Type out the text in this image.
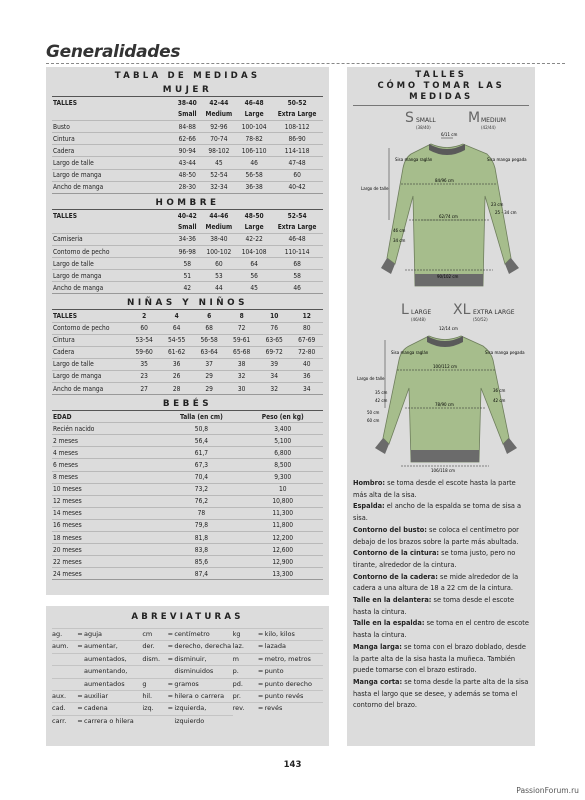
Generalidades
TABLA DE MEDIDAS
MUJER
TALLES	38-40	42-44	46-48	50-52
	Small	Medium	Large	Extra Large
Busto	84-88	92-96	100-104	108-112
Cintura	62-66	70-74	78-82	86-90
Cadera	90-94	98-102	106-110	114-118
Largo de talle	43-44	45	46	47-48
Largo de manga	48-50	52-54	56-58	60
Ancho de manga	28-30	32-34	36-38	40-42
HOMBRE
TALLES	40-42	44-46	48-50	52-54
	Small	Medium	Large	Extra Large
Camiseria	34-36	38-40	42-22	46-48
Contorno de pecho	96-98	100-102	104-108	110-114
Largo de talle	58	60	64	68
Largo de manga	51	53	56	58
Ancho de manga	42	44	45	46
NIÑAS Y NIÑOS
TALLES	2	4	6	8	10	12
Contorno de pecho	60	64	68	72	76	80
Cintura	53-54	54-55	56-58	59-61	63-65	67-69
Cadera	59-60	61-62	63-64	65-68	69-72	72-80
Largo de talle	35	36	37	38	39	40
Largo de manga	23	26	29	32	34	36
Ancho de manga	27	28	29	30	32	34
BEBÉS
EDAD	Talla (en cm)	Peso (en kg)
Recién nacido	50,8	3,400
2 meses	56,4	5,100
4 meses	61,7	6,800
6 meses	67,3	8,500
8 meses	70,4	9,300
10 meses	73,2	10
12 meses	76,2	10,800
14 meses	78	11,300
16 meses	79,8	11,800
18 meses	81,8	12,200
20 meses	83,8	12,600
22 meses	85,6	12,900
24 meses	87,4	13,300
ABREVIATURAS
ag.	= aguja
aum.	= aumentar,
aumentados,
aumentando,
aumentados
aux.	= auxiliar
cad.	= cadena
carr.	= carrera o hilera
cm	= centímetro
der.	= derecho, derecha
dism.	= disminuir,
disminuidos
g	= gramos
hil.	= hilera o carrera
izq.	= izquierda,
izquierdo
kg	= kilo, kilos
laz.	= lazada
m	= metro, metros
p.	= punto
pd.	= punto derecho
pr.	= punto revés
rev.	= revés
TALLES
CÓMO TOMAR LAS MEDIDAS
S SMALL
(38/40)
M MEDIUM
(42/44)
6/11 cm
Sisa manga raglán	Sisa manga pegada
Largo de talle
84/96 cm
23 cm
34 cm
46 cm
25 - 34 cm
62/74 cm
90/102 cm
L LARGE
(46/48)
XL EXTRA LARGE
(50/52)
12/14 cm
Sisa manga raglán	Sisa manga pegada
Largo de talle
100/112 cm
35 cm
42 cm
50 cm
60 cm
36 cm
42 cm
78/90 cm
106/118 cm
Hombro: se toma desde el escote hasta la parte más alta de la sisa.
Espalda: el ancho de la espalda se toma de sisa a sisa.
Contorno del busto: se coloca el centímetro por debajo de los brazos sobre la parte más abultada.
Contorno de la cintura: se toma justo, pero no tirante, alrededor de la cintura.
Contorno de la cadera: se mide alrededor de la cadera a una altura de 18 a 22 cm de la cintura.
Talle en la delantera: se toma desde el escote hasta la cintura.
Talle en la espalda: se toma en el centro de escote hasta la cintura.
Manga larga: se toma con el brazo doblado, desde la parte alta de la sisa hasta la muñeca. También puede tomarse con el brazo estirado.
Manga corta: se toma desde la parte alta de la sisa hasta el largo que se desee, y además se toma el contorno del brazo.
143
PassionForum.ru
